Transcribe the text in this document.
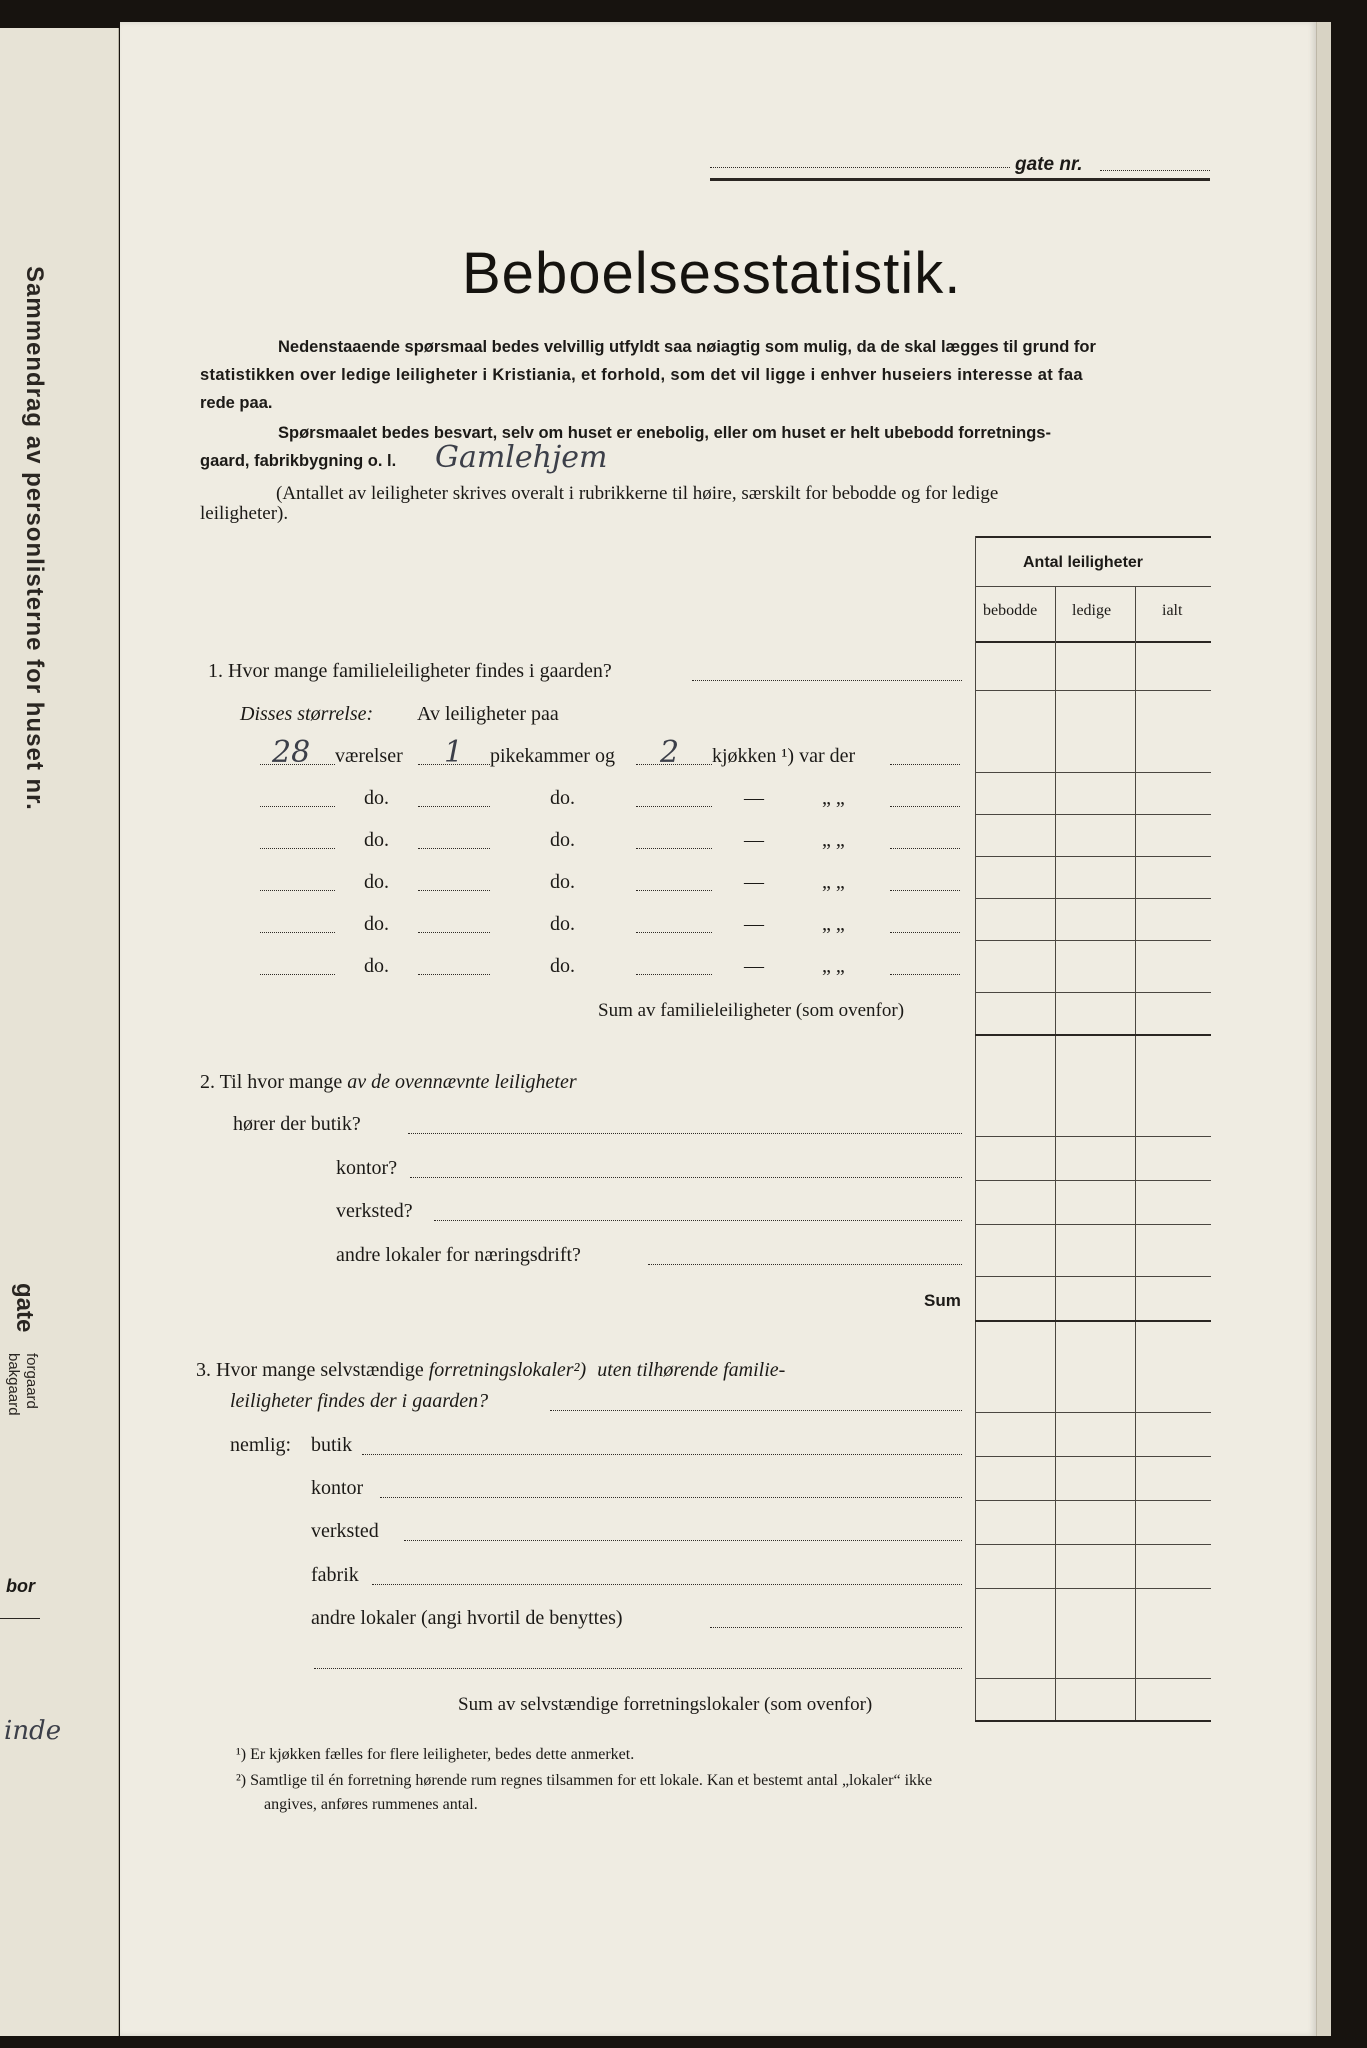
Sammendrag av personlisterne for huset nr.
gate
forgaard
bakgaard
bor
inde
gate nr.
Beboelsesstatistik.
Nedenstaaende spørsmaal bedes velvillig utfyldt saa nøiagtig som mulig, da de skal lægges til grund for
statistikken over ledige leiligheter i Kristiania, et forhold, som det vil ligge i enhver huseiers interesse at faa
rede paa.
Spørsmaalet bedes besvart, selv om huset er enebolig, eller om huset er helt ubebodd forretnings-
gaard, fabrikbygning o. l. Gamlehjem
(Antallet av leiligheter skrives overalt i rubrikkerne til høire, særskilt for bebodde og for ledige
leiligheter).
Antal leiligheter
bebodde ledige	ialt
1. Hvor mange familieleiligheter findes i gaarden?
Disses størrelse: Av leiligheter paa
28 værelser 1 pikekammer og 2 kjøkken ¹) var der
do.	do.	—	„ „
do.	do.	—	„ „
do.	do.	—	„ „
do.	do.	—	„ „
do.	do.	—	„ „
Sum av familieleiligheter (som ovenfor)
2. Til hvor mange av de ovennævnte leiligheter
hører der butik?
kontor?
verksted?
andre lokaler for næringsdrift?
Sum
3. Hvor mange selvstændige forretningslokaler²) uten tilhørende familie-
leiligheter findes der i gaarden?
nemlig: butik
kontor
verksted
fabrik
andre lokaler (angi hvortil de benyttes)
Sum av selvstændige forretningslokaler (som ovenfor)
¹) Er kjøkken fælles for flere leiligheter, bedes dette anmerket.
²) Samtlige til én forretning hørende rum regnes tilsammen for ett lokale. Kan et bestemt antal „lokaler“ ikke
angives, anføres rummenes antal.
